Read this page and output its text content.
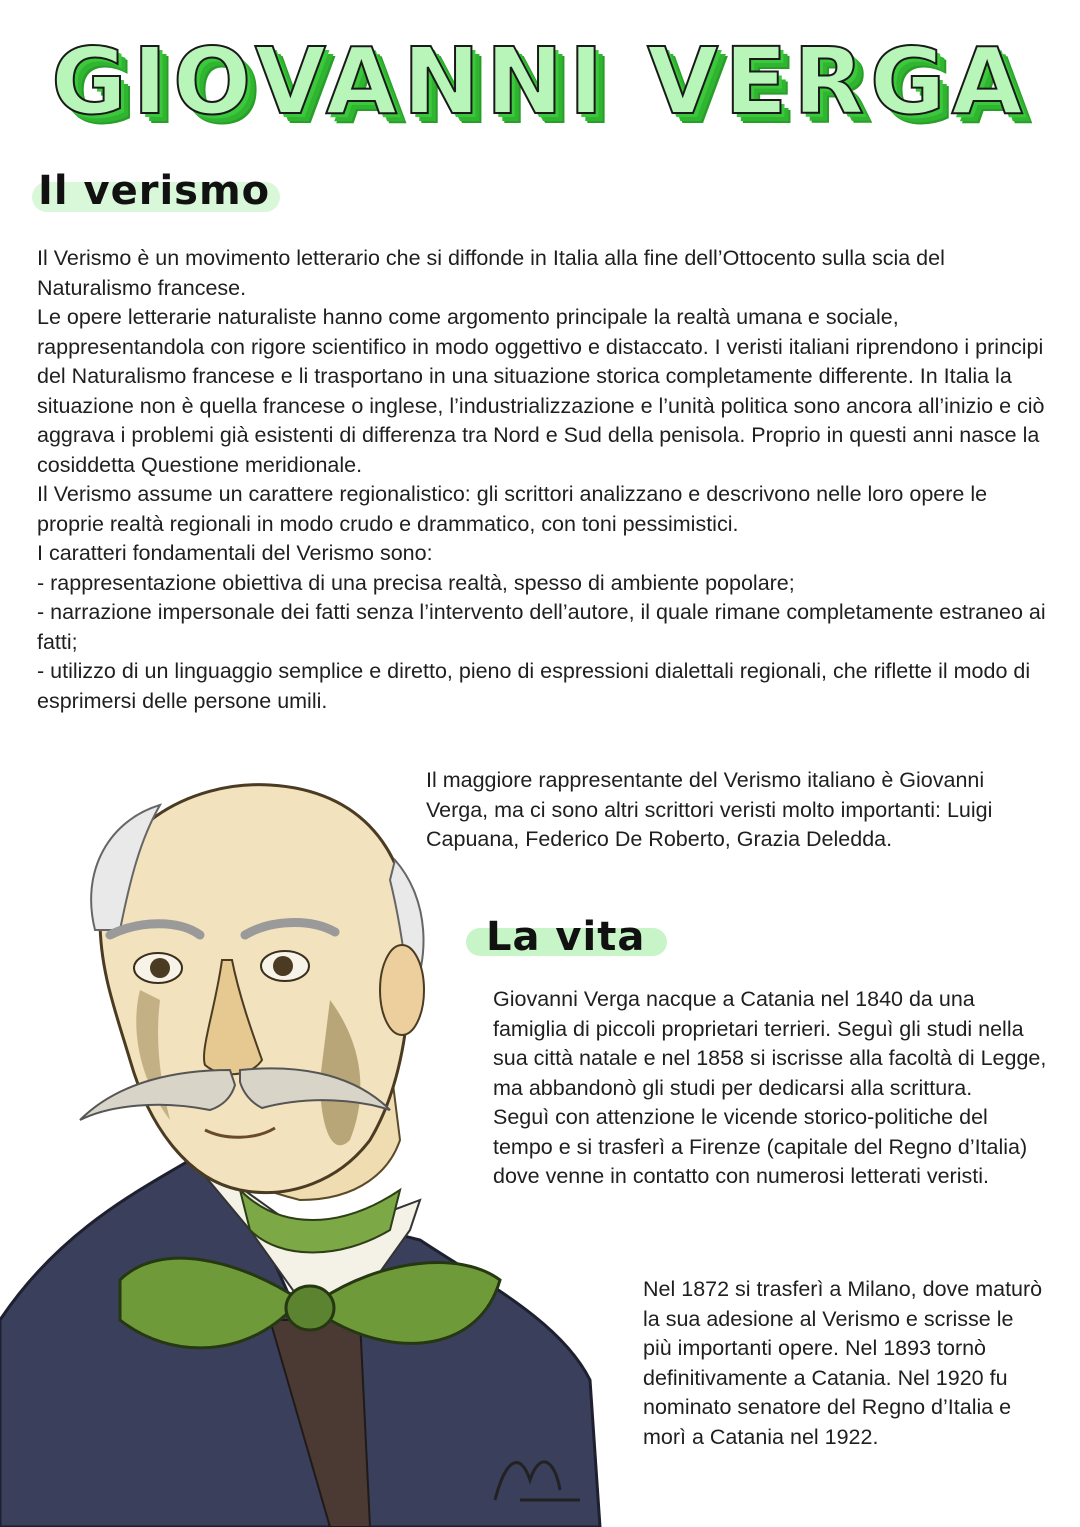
GIOVANNI VERGA
Il verismo

Il Verismo è un movimento letterario che si diffonde in Italia alla fine dell’Ottocento sulla scia del Naturalismo francese.

Le opere letterarie naturaliste hanno come argomento principale la realtà umana e sociale, rappresentandola con rigore scientifico in modo oggettivo e distaccato. I veristi italiani riprendono i principi del Naturalismo francese e li trasportano in una situazione storica completamente differente. In Italia la situazione non è quella francese o inglese, l’industrializzazione e l’unità politica sono ancora all’inizio e ciò aggrava i problemi già esistenti di differenza tra Nord e Sud della penisola. Proprio in questi anni nasce la cosiddetta Questione meridionale.

Il Verismo assume un carattere regionalistico: gli scrittori analizzano e descrivono nelle loro opere le proprie realtà regionali in modo crudo e drammatico, con toni pessimistici.

I caratteri fondamentali del Verismo sono:

- rappresentazione obiettiva di una precisa realtà, spesso di ambiente popolare;

- narrazione impersonale dei fatti senza l’intervento dell’autore, il quale rimane completamente estraneo ai fatti;

- utilizzo di un linguaggio semplice e diretto, pieno di espressioni dialettali regionali, che riflette il modo di esprimersi delle persone umili.

Il maggiore rappresentante del Verismo italiano è Giovanni Verga, ma ci sono altri scrittori veristi molto importanti: Luigi Capuana, Federico De Roberto, Grazia Deledda.
La vita

Giovanni Verga nacque a Catania nel 1840 da una famiglia di piccoli proprietari terrieri. Seguì gli studi nella sua città natale e nel 1858 si iscrisse alla facoltà di Legge, ma abbandonò gli studi per dedicarsi alla scrittura.

Seguì con attenzione le vicende storico-politiche del tempo e si trasferì a Firenze (capitale del Regno d’Italia) dove venne in contatto con numerosi letterati veristi.

Nel 1872 si trasferì a Milano, dove maturò la sua adesione al Verismo e scrisse le più importanti opere. Nel 1893 tornò definitivamente a Catania. Nel 1920 fu nominato senatore del Regno d’Italia e morì a Catania nel 1922.
